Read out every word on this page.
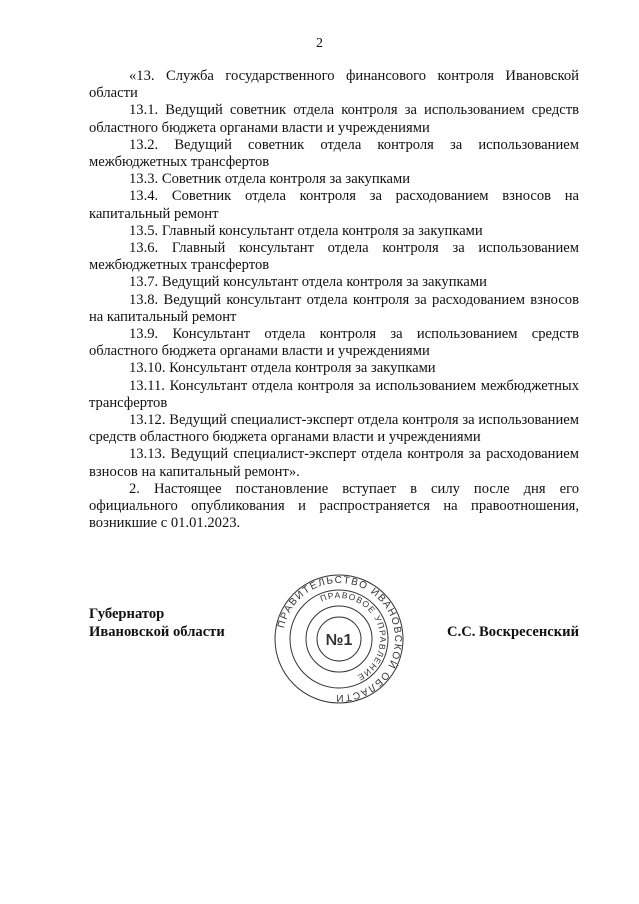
2

«13. Служба государственного финансового контроля Ивановской области

13.1. Ведущий советник отдела контроля за использованием средств областного бюджета органами власти и учреждениями

13.2. Ведущий советник отдела контроля за использованием межбюджетных трансфертов

13.3. Советник отдела контроля за закупками

13.4. Советник отдела контроля за расходованием взносов на капитальный ремонт

13.5. Главный консультант отдела контроля за закупками

13.6. Главный консультант отдела контроля за использованием межбюджетных трансфертов

13.7. Ведущий консультант отдела контроля за закупками

13.8. Ведущий консультант отдела контроля за расходованием взносов на капитальный ремонт

13.9. Консультант отдела контроля за использованием средств областного бюджета органами власти и учреждениями

13.10. Консультант отдела контроля за закупками

13.11. Консультант отдела контроля за использованием межбюджетных трансфертов

13.12. Ведущий специалист-эксперт отдела контроля за использованием средств областного бюджета органами власти и учреждениями

13.13. Ведущий специалист-эксперт отдела контроля за расходованием взносов на капитальный ремонт».

2. Настоящее постановление вступает в силу после дня его официального опубликования и распространяется на правоотношения, возникшие с 01.01.2023.

Губернатор
Ивановской области	ПРАВИТЕЛЬСТВО ИВАНОВСКОЙ ОБЛАСТИ
ПРАВОВОЕ УПРАВЛЕНИЕ
№1	С.С. Воскресенский
